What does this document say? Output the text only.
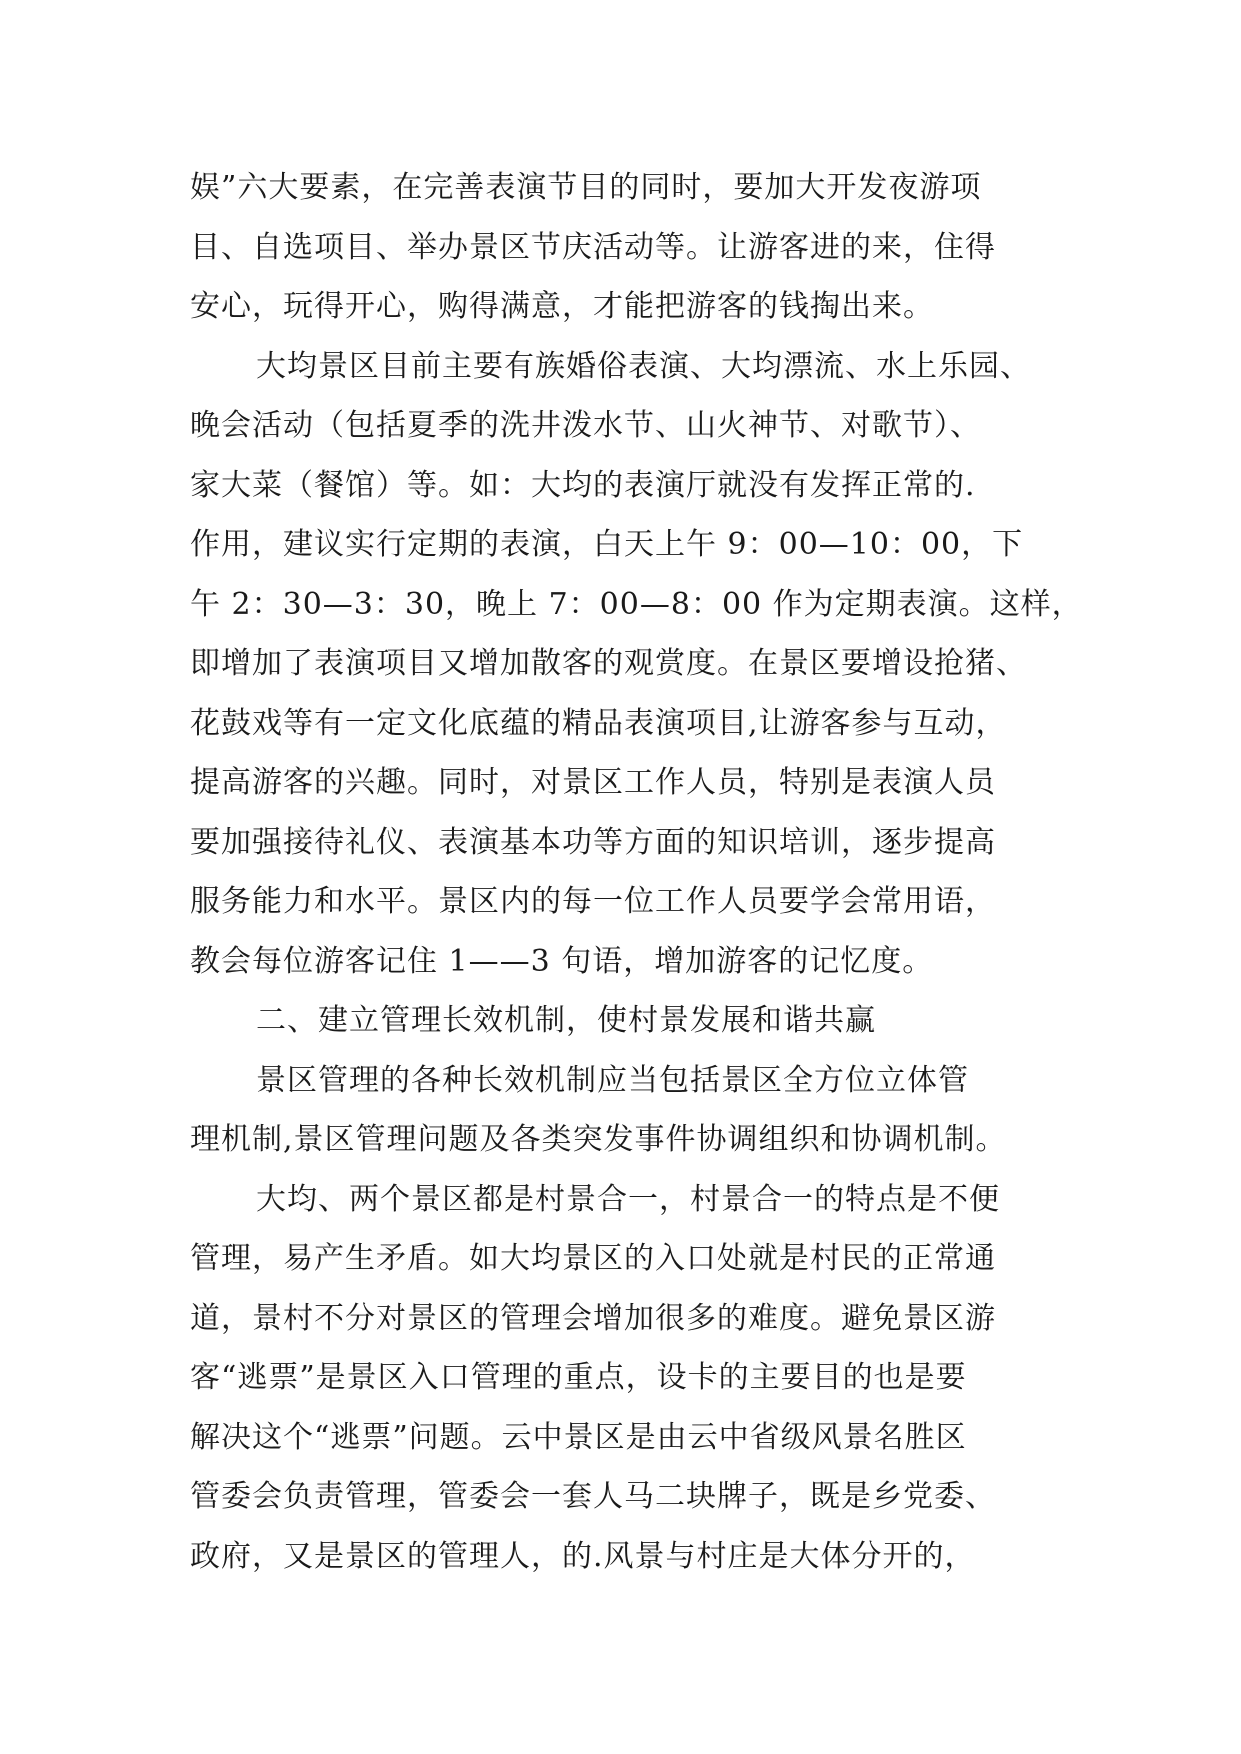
娱”六大要素，在完善表演节目的同时，要加大开发夜游项
目、自选项目、举办景区节庆活动等。让游客进的来，住得
安心，玩得开心，购得满意，才能把游客的钱掏出来。
大均景区目前主要有族婚俗表演、大均漂流、水上乐园、
晚会活动（包括夏季的洗井泼水节、山火神节、对歌节）、
家大菜（餐馆）等。如：大均的表演厅就没有发挥正常的.
作用，建议实行定期的表演，白天上午 9：00—10：00，下
午 2：30—3：30，晚上 7：00—8：00 作为定期表演。这样，
即增加了表演项目又增加散客的观赏度。在景区要增设抢猪、
花鼓戏等有一定文化底蕴的精品表演项目,让游客参与互动，
提高游客的兴趣。同时，对景区工作人员，特别是表演人员
要加强接待礼仪、表演基本功等方面的知识培训，逐步提高
服务能力和水平。景区内的每一位工作人员要学会常用语，
教会每位游客记住 1——3 句语，增加游客的记忆度。
二、建立管理长效机制，使村景发展和谐共赢
景区管理的各种长效机制应当包括景区全方位立体管
理机制,景区管理问题及各类突发事件协调组织和协调机制。
大均、两个景区都是村景合一，村景合一的特点是不便
管理，易产生矛盾。如大均景区的入口处就是村民的正常通
道，景村不分对景区的管理会增加很多的难度。避免景区游
客“逃票”是景区入口管理的重点，设卡的主要目的也是要
解决这个“逃票”问题。云中景区是由云中省级风景名胜区
管委会负责管理，管委会一套人马二块牌子，既是乡党委、
政府，又是景区的管理人，的.风景与村庄是大体分开的，
